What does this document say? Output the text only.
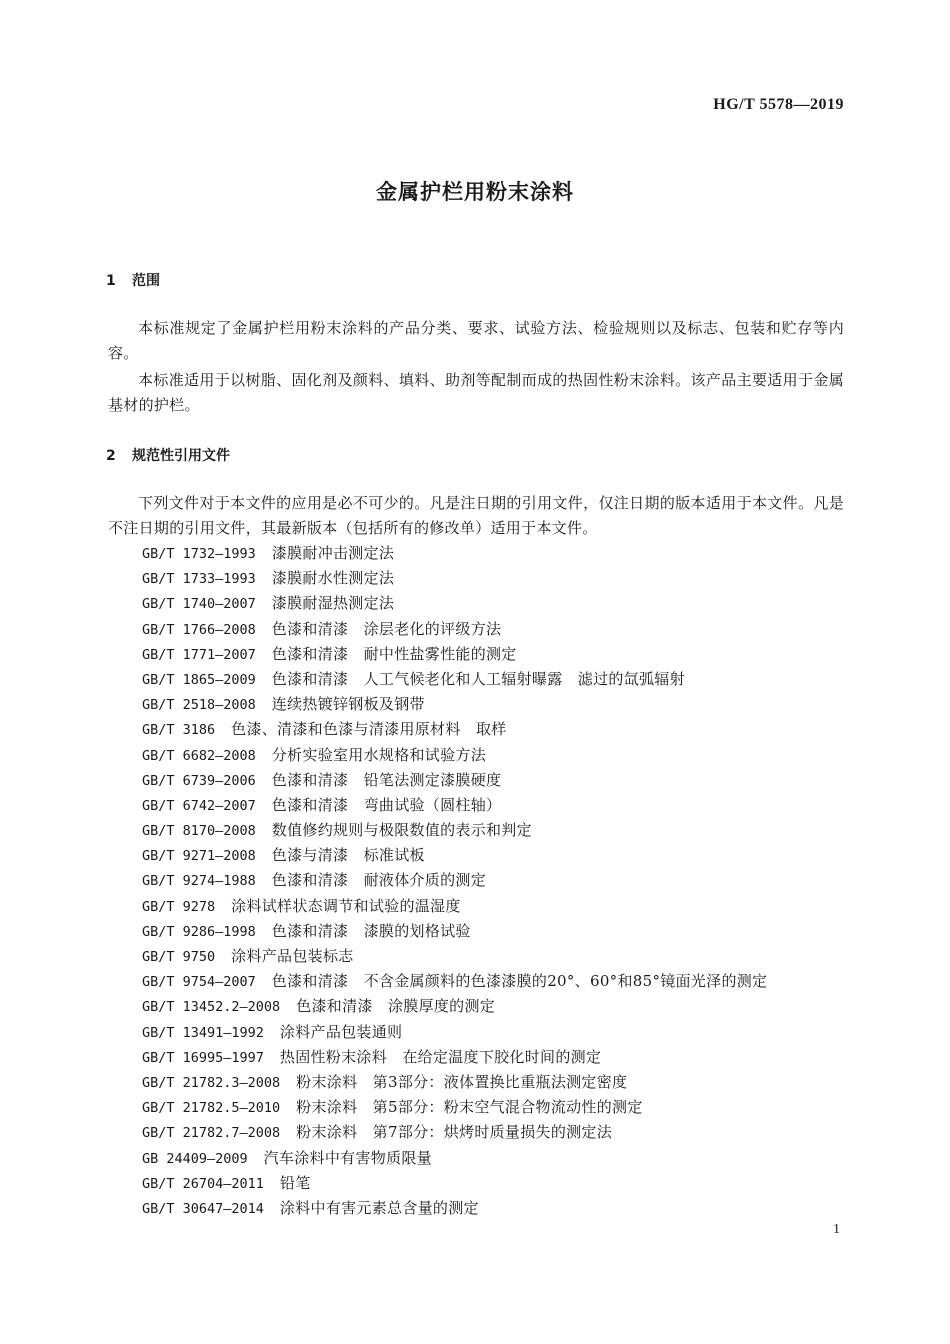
HG/T 5578—2019
金属护栏用粉末涂料
1 范围
本标准规定了金属护栏用粉末涂料的产品分类、要求、试验方法、检验规则以及标志、包装和贮存等内容。
本标准适用于以树脂、固化剂及颜料、填料、助剂等配制而成的热固性粉末涂料。该产品主要适用于金属基材的护栏。
2 规范性引用文件
下列文件对于本文件的应用是必不可少的。凡是注日期的引用文件，仅注日期的版本适用于本文件。凡是不注日期的引用文件，其最新版本（包括所有的修改单）适用于本文件。
GB/T 1732—1993 漆膜耐冲击测定法
GB/T 1733—1993 漆膜耐水性测定法
GB/T 1740—2007 漆膜耐湿热测定法
GB/T 1766—2008 色漆和清漆　涂层老化的评级方法
GB/T 1771—2007 色漆和清漆　耐中性盐雾性能的测定
GB/T 1865—2009 色漆和清漆　人工气候老化和人工辐射曝露　滤过的氙弧辐射
GB/T 2518—2008 连续热镀锌钢板及钢带
GB/T 3186 色漆、清漆和色漆与清漆用原材料　取样
GB/T 6682—2008 分析实验室用水规格和试验方法
GB/T 6739—2006 色漆和清漆　铅笔法测定漆膜硬度
GB/T 6742—2007 色漆和清漆　弯曲试验（圆柱轴）
GB/T 8170—2008 数值修约规则与极限数值的表示和判定
GB/T 9271—2008 色漆与清漆　标准试板
GB/T 9274—1988 色漆和清漆　耐液体介质的测定
GB/T 9278 涂料试样状态调节和试验的温湿度
GB/T 9286—1998 色漆和清漆　漆膜的划格试验
GB/T 9750 涂料产品包装标志
GB/T 9754—2007 色漆和清漆　不含金属颜料的色漆漆膜的20°、60°和85°镜面光泽的测定
GB/T 13452.2—2008 色漆和清漆　涂膜厚度的测定
GB/T 13491—1992 涂料产品包装通则
GB/T 16995—1997 热固性粉末涂料　在给定温度下胶化时间的测定
GB/T 21782.3—2008 粉末涂料　第3部分：液体置换比重瓶法测定密度
GB/T 21782.5—2010 粉末涂料　第5部分：粉末空气混合物流动性的测定
GB/T 21782.7—2008 粉末涂料　第7部分：烘烤时质量损失的测定法
GB 24409—2009 汽车涂料中有害物质限量
GB/T 26704—2011 铅笔
GB/T 30647—2014 涂料中有害元素总含量的测定
1
